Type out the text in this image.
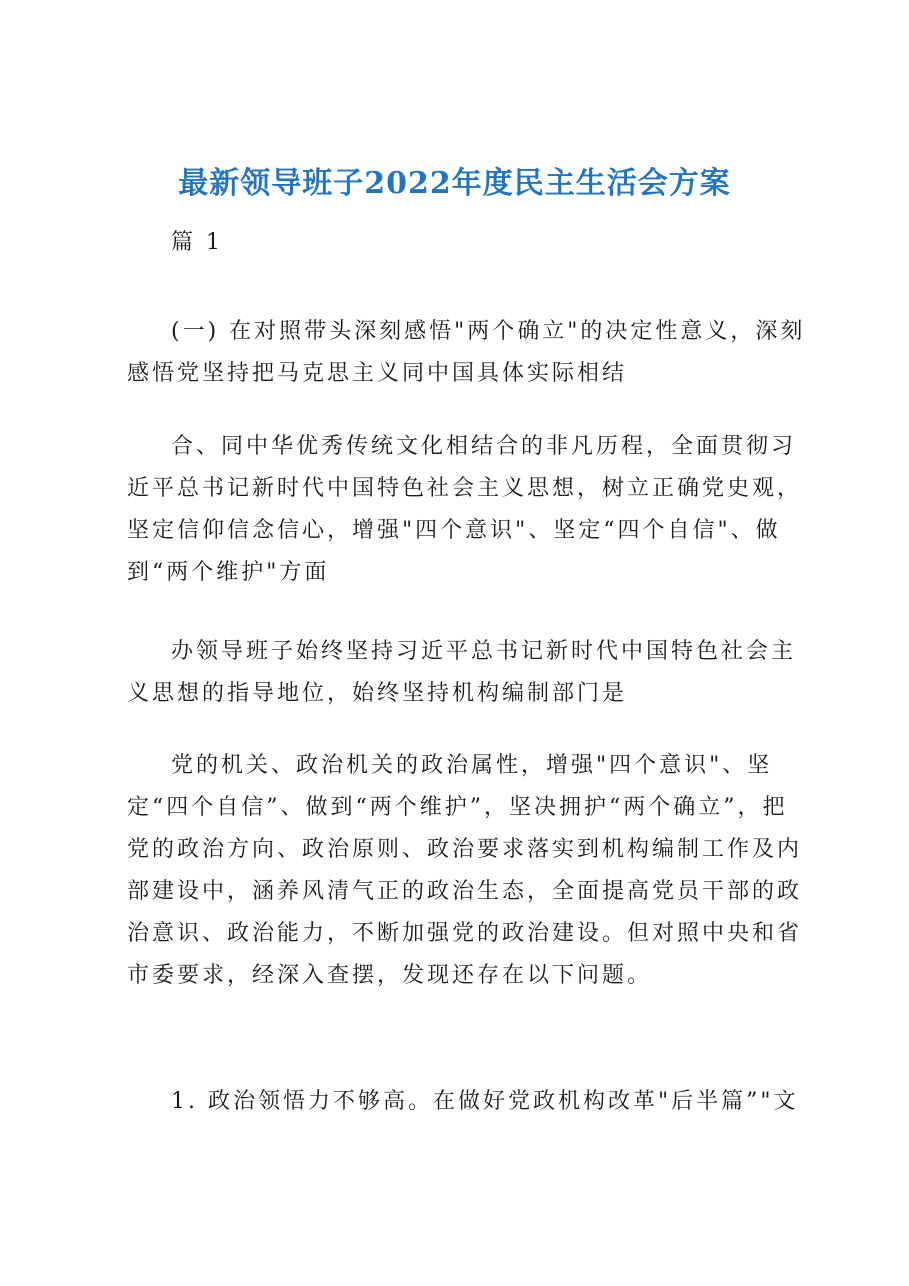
最新领导班子2022年度民主生活会方案
篇 1
(一) 在对照带头深刻感悟"两个确立"的决定性意义，深刻感悟党坚持把马克思主义同中国具体实际相结
合、同中华优秀传统文化相结合的非凡历程，全面贯彻习近平总书记新时代中国特色社会主义思想，树立正确党史观，坚定信仰信念信心，增强"四个意识"、坚定“四个自信"、做到“两个维护"方面
办领导班子始终坚持习近平总书记新时代中国特色社会主义思想的指导地位，始终坚持机构编制部门是
党的机关、政治机关的政治属性，增强"四个意识"、坚定“四个自信”、做到“两个维护”，坚决拥护“两个确立”，把党的政治方向、政治原则、政治要求落实到机构编制工作及内部建设中，涵养风清气正的政治生态，全面提高党员干部的政治意识、政治能力，不断加强党的政治建设。但对照中央和省市委要求，经深入查摆，发现还存在以下问题。
1. 政治领悟力不够高。在做好党政机构改革"后半篇”"文
